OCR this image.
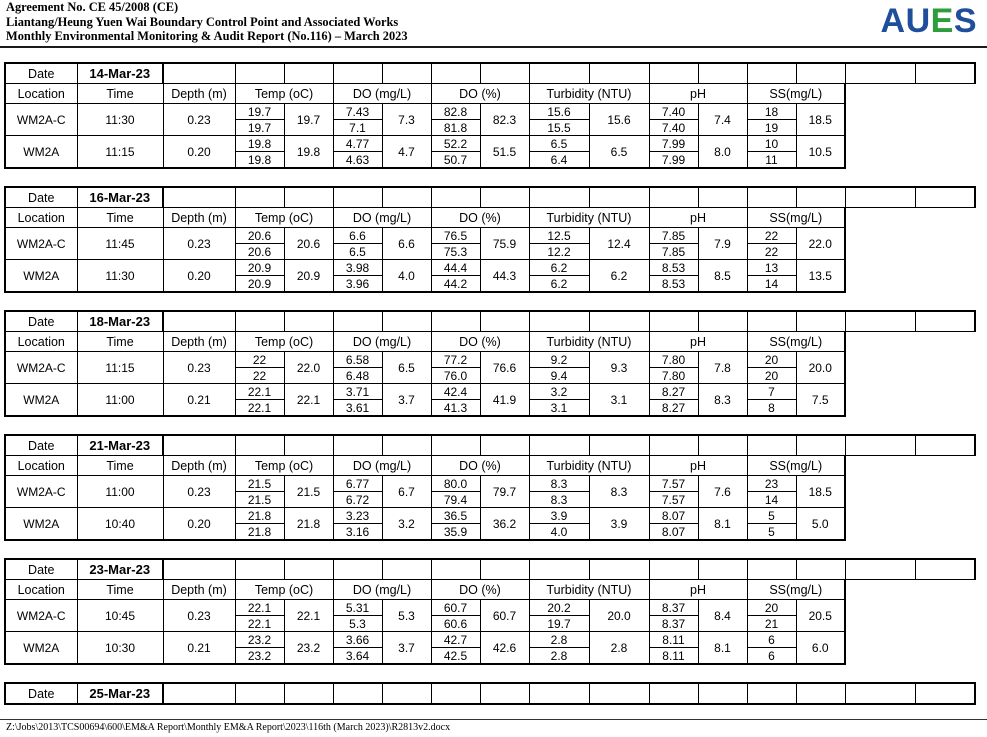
Agreement No. CE 45/2008 (CE)
Liantang/Heung Yuen Wai Boundary Control Point and Associated Works
Monthly Environmental Monitoring & Audit Report (No.116) – March 2023	AUES
Date	14-Mar-23															
Location	Time	Depth (m)	Temp (oC)		DO (mg/L)		DO (%)		Turbidity (NTU)		pH		SS(mg/L)			
WM2A-C	11:30	0.23	19.7	19.7	7.43	7.3	82.8	82.3	15.6	15.6	7.40	7.4	18	18.5		
			19.7		7.1		81.8		15.5		7.40		19			
WM2A	11:15	0.20	19.8	19.8	4.77	4.7	52.2	51.5	6.5	6.5	7.99	8.0	10	10.5		
			19.8		4.63		50.7		6.4		7.99		11			
Date	16-Mar-23															
Location	Time	Depth (m)	Temp (oC)		DO (mg/L)		DO (%)		Turbidity (NTU)		pH		SS(mg/L)			
WM2A-C	11:45	0.23	20.6	20.6	6.6	6.6	76.5	75.9	12.5	12.4	7.85	7.9	22	22.0		
			20.6		6.5		75.3		12.2		7.85		22			
WM2A	11:30	0.20	20.9	20.9	3.98	4.0	44.4	44.3	6.2	6.2	8.53	8.5	13	13.5		
			20.9		3.96		44.2		6.2		8.53		14			
Date	18-Mar-23															
Location	Time	Depth (m)	Temp (oC)		DO (mg/L)		DO (%)		Turbidity (NTU)		pH		SS(mg/L)			
WM2A-C	11:15	0.23	22	22.0	6.58	6.5	77.2	76.6	9.2	9.3	7.80	7.8	20	20.0		
			22		6.48		76.0		9.4		7.80		20			
WM2A	11:00	0.21	22.1	22.1	3.71	3.7	42.4	41.9	3.2	3.1	8.27	8.3	7	7.5		
			22.1		3.61		41.3		3.1		8.27		8			
Date	21-Mar-23															
Location	Time	Depth (m)	Temp (oC)		DO (mg/L)		DO (%)		Turbidity (NTU)		pH		SS(mg/L)			
WM2A-C	11:00	0.23	21.5	21.5	6.77	6.7	80.0	79.7	8.3	8.3	7.57	7.6	23	18.5		
			21.5		6.72		79.4		8.3		7.57		14			
WM2A	10:40	0.20	21.8	21.8	3.23	3.2	36.5	36.2	3.9	3.9	8.07	8.1	5	5.0		
			21.8		3.16		35.9		4.0		8.07		5			
Date	23-Mar-23															
Location	Time	Depth (m)	Temp (oC)		DO (mg/L)		DO (%)		Turbidity (NTU)		pH		SS(mg/L)			
WM2A-C	10:45	0.23	22.1	22.1	5.31	5.3	60.7	60.7	20.2	20.0	8.37	8.4	20	20.5		
			22.1		5.3		60.6		19.7		8.37		21			
WM2A	10:30	0.21	23.2	23.2	3.66	3.7	42.7	42.6	2.8	2.8	8.11	8.1	6	6.0		
			23.2		3.64		42.5		2.8		8.11		6			
Date	25-Mar-23															
Z:\Jobs\2013\TCS00694\600\EM&A Report\Monthly EM&A Report\2023\116th (March 2023)\R2813v2.docx
